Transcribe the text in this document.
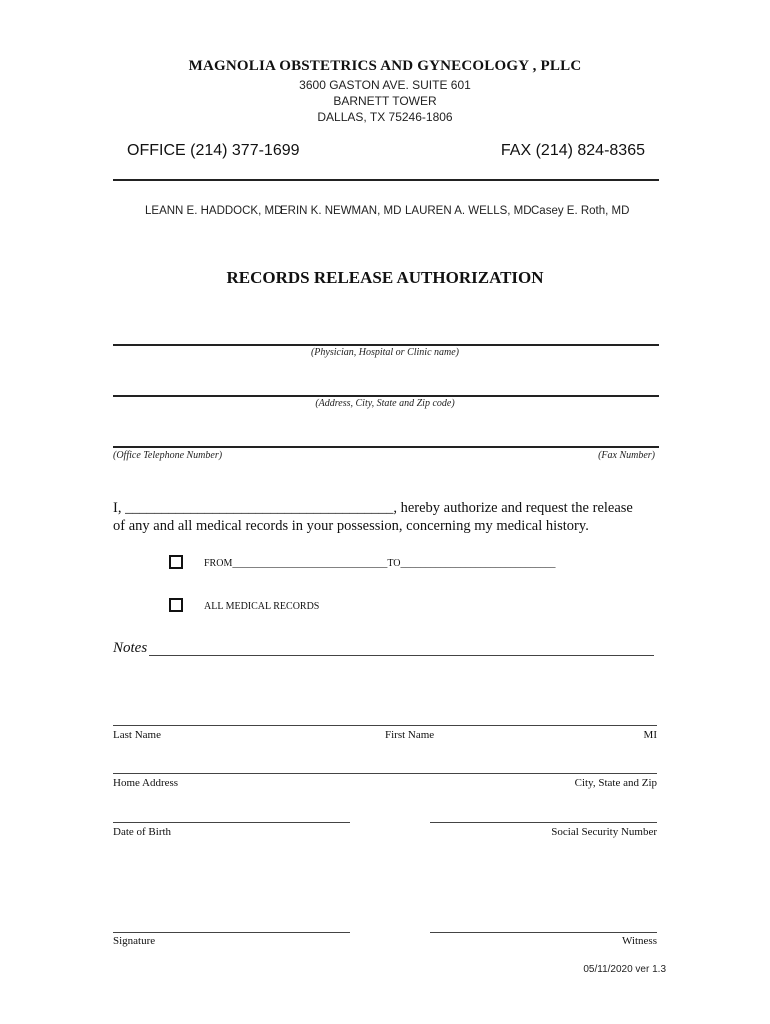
MAGNOLIA OBSTETRICS AND GYNECOLOGY , PLLC
3600 GASTON AVE. SUITE 601
BARNETT TOWER
DALLAS, TX 75246-1806
OFFICE (214) 377-1699	FAX (214) 824-8365
LEANN E. HADDOCK, MD
ERIN K. NEWMAN, MD LAUREN A. WELLS, MD Casey E. Roth, MD
RECORDS RELEASE AUTHORIZATION
(Physician, Hospital or Clinic name)
(Address, City, State and Zip code)
(Office Telephone Number)	(Fax Number)
I, _____________________________________, hereby authorize and request the release
of any and all medical records in your possession, concerning my medical history.
FROM_______________________________TO_______________________________
ALL MEDICAL RECORDS
Notes
Last Name	First Name	MI
Home Address	City, State and Zip
Date of Birth	Social Security Number
Signature	Witness
05/11/2020 ver 1.3
